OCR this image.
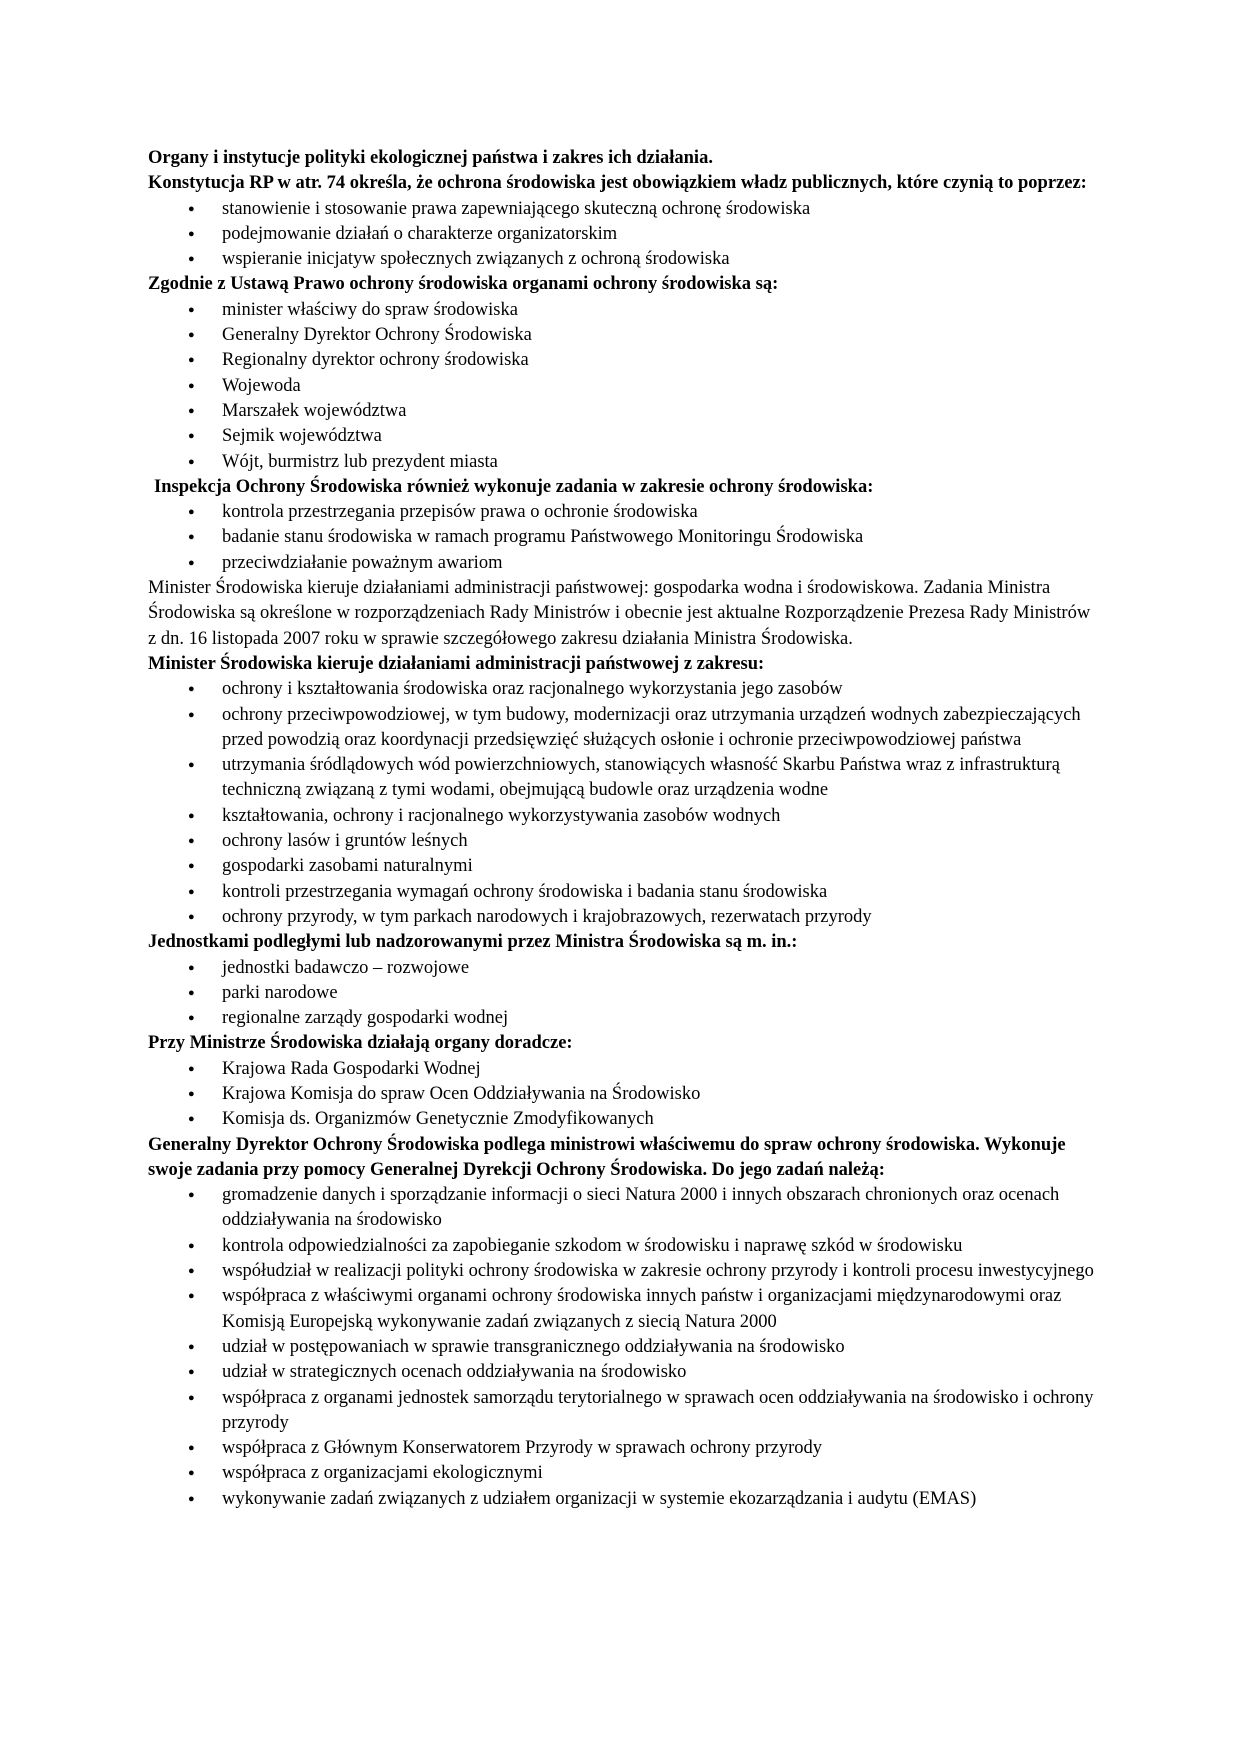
Organy i instytucje polityki ekologicznej państwa i zakres ich działania.

Konstytucja RP w atr. 74 określa, że ochrona środowiska jest obowiązkiem władz publicznych, które czynią to poprzez:

● stanowienie i stosowanie prawa zapewniającego skuteczną ochronę środowiska
● podejmowanie działań o charakterze organizatorskim
● wspieranie inicjatyw społecznych związanych z ochroną środowiska

Zgodnie z Ustawą Prawo ochrony środowiska organami ochrony środowiska są:

● minister właściwy do spraw środowiska
● Generalny Dyrektor Ochrony Środowiska
● Regionalny dyrektor ochrony środowiska
● Wojewoda
● Marszałek województwa
● Sejmik województwa
● Wójt, burmistrz lub prezydent miasta

Inspekcja Ochrony Środowiska również wykonuje zadania w zakresie ochrony środowiska:

● kontrola przestrzegania przepisów prawa o ochronie środowiska
● badanie stanu środowiska w ramach programu Państwowego Monitoringu Środowiska
● przeciwdziałanie poważnym awariom

Minister Środowiska kieruje działaniami administracji państwowej: gospodarka wodna i środowiskowa. Zadania Ministra Środowiska są określone w rozporządzeniach Rady Ministrów i obecnie jest aktualne Rozporządzenie Prezesa Rady Ministrów z dn. 16 listopada 2007 roku w sprawie szczegółowego zakresu działania Ministra Środowiska.

Minister Środowiska kieruje działaniami administracji państwowej z zakresu:

● ochrony i kształtowania środowiska oraz racjonalnego wykorzystania jego zasobów
● ochrony przeciwpowodziowej, w tym budowy, modernizacji oraz utrzymania urządzeń wodnych zabezpieczających przed powodzią oraz koordynacji przedsięwzięć służących osłonie i ochronie przeciwpowodziowej państwa
● utrzymania śródlądowych wód powierzchniowych, stanowiących własność Skarbu Państwa wraz z infrastrukturą techniczną związaną z tymi wodami, obejmującą budowle oraz urządzenia wodne
● kształtowania, ochrony i racjonalnego wykorzystywania zasobów wodnych
● ochrony lasów i gruntów leśnych
● gospodarki zasobami naturalnymi
● kontroli przestrzegania wymagań ochrony środowiska i badania stanu środowiska
● ochrony przyrody, w tym parkach narodowych i krajobrazowych, rezerwatach przyrody

Jednostkami podległymi lub nadzorowanymi przez Ministra Środowiska są m. in.:

● jednostki badawczo – rozwojowe
● parki narodowe
● regionalne zarządy gospodarki wodnej

Przy Ministrze Środowiska działają organy doradcze:

● Krajowa Rada Gospodarki Wodnej
● Krajowa Komisja do spraw Ocen Oddziaływania na Środowisko
● Komisja ds. Organizmów Genetycznie Zmodyfikowanych

Generalny Dyrektor Ochrony Środowiska podlega ministrowi właściwemu do spraw ochrony środowiska. Wykonuje swoje zadania przy pomocy Generalnej Dyrekcji Ochrony Środowiska. Do jego zadań należą:

● gromadzenie danych i sporządzanie informacji o sieci Natura 2000 i innych obszarach chronionych oraz ocenach oddziaływania na środowisko
● kontrola odpowiedzialności za zapobieganie szkodom w środowisku i naprawę szkód w środowisku
● współudział w realizacji polityki ochrony środowiska w zakresie ochrony przyrody i kontroli procesu inwestycyjnego
● współpraca z właściwymi organami ochrony środowiska innych państw i organizacjami międzynarodowymi oraz Komisją Europejską wykonywanie zadań związanych z siecią Natura 2000
● udział w postępowaniach w sprawie transgranicznego oddziaływania na środowisko
● udział w strategicznych ocenach oddziaływania na środowisko
● współpraca z organami jednostek samorządu terytorialnego w sprawach ocen oddziaływania na środowisko i ochrony przyrody
● współpraca z Głównym Konserwatorem Przyrody w sprawach ochrony przyrody
● współpraca z organizacjami ekologicznymi
● wykonywanie zadań związanych z udziałem organizacji w systemie ekozarządzania i audytu (EMAS)
